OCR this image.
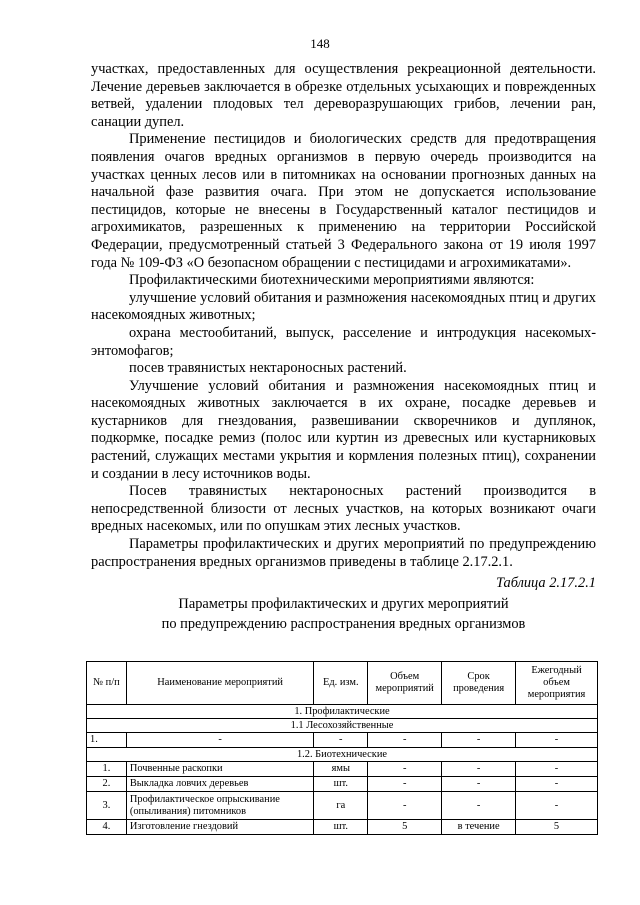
148

участках, предоставленных для осуществления рекреационной деятельности. Лечение деревьев заключается в обрезке отдельных усыхающих и поврежденных ветвей, удалении плодовых тел дереворазрушающих грибов, лечении ран, санации дупел.

Применение пестицидов и биологических средств для предотвращения появления очагов вредных организмов в первую очередь производится на участках ценных лесов или в питомниках на основании прогнозных данных на начальной фазе развития очага. При этом не допускается использование пестицидов, которые не внесены в Государственный каталог пестицидов и агрохимикатов, разрешенных к применению на территории Российской Федерации, предусмотренный статьей 3 Федерального закона от 19 июля 1997 года № 109-ФЗ «О безопасном обращении с пестицидами и агрохимикатами».

Профилактическими биотехническими мероприятиями являются:

улучшение условий обитания и размножения насекомоядных птиц и других насекомоядных животных;

охрана местообитаний, выпуск, расселение и интродукция насекомых-энтомофагов;

посев травянистых нектароносных растений.

Улучшение условий обитания и размножения насекомоядных птиц и насекомоядных животных заключается в их охране, посадке деревьев и кустарников для гнездования, развешивании скворечников и дуплянок, подкормке, посадке ремиз (полос или куртин из древесных или кустарниковых растений, служащих местами укрытия и кормления полезных птиц), сохранении и создании в лесу источников воды.

Посев травянистых нектароносных растений производится в непосредственной близости от лесных участков, на которых возникают очаги вредных насекомых, или по опушкам этих лесных участков.

Параметры профилактических и других мероприятий по предупреждению распространения вредных организмов приведены в таблице 2.17.2.1.

Таблица 2.17.2.1
Параметры профилактических и других мероприятий
по предупреждению распространения вредных организмов
№ п/п	Наименование мероприятий	Ед. изм.	Объем мероприятий	Срок проведения	Ежегодный объем мероприятия
1. Профилактические					
1.1 Лесохозяйственные					
1.	-	-	-	-	-
1.2. Биотехнические					
1.	Почвенные раскопки	ямы	-	-	-
2.	Выкладка ловчих деревьев	шт.	-	-	-
3.	Профилактическое опрыскивание (опыливания) питомников	га	-	-	-
4.	Изготовление гнездовий	шт.	5	в течение	5
